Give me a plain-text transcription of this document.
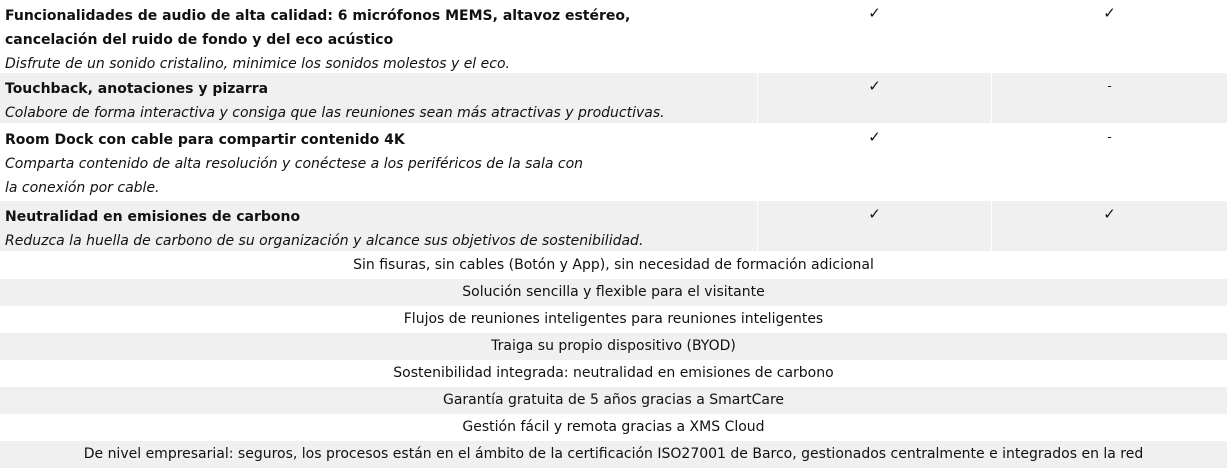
Funcionalidades de audio de alta calidad: 6 micrófonos MEMS, altavoz estéreo,
cancelación del ruido de fondo y del eco acústico
Disfrute de un sonido cristalino, minimice los sonidos molestos y el eco.
✓	✓
Touchback, anotaciones y pizarra
Colabore de forma interactiva y consiga que las reuniones sean más atractivas y productivas.
✓	-
Room Dock con cable para compartir contenido 4K
Comparta contenido de alta resolución y conéctese a los periféricos de la sala con
la conexión por cable.
✓	-
Neutralidad en emisiones de carbono
Reduzca la huella de carbono de su organización y alcance sus objetivos de sostenibilidad.
✓	✓
Sin fisuras, sin cables (Botón y App), sin necesidad de formación adicional
Solución sencilla y flexible para el visitante
Flujos de reuniones inteligentes para reuniones inteligentes
Traiga su propio dispositivo (BYOD)
Sostenibilidad integrada: neutralidad en emisiones de carbono
Garantía gratuita de 5 años gracias a SmartCare
Gestión fácil y remota gracias a XMS Cloud
De nivel empresarial: seguros, los procesos están en el ámbito de la certificación ISO27001 de Barco, gestionados centralmente e integrados en la red
